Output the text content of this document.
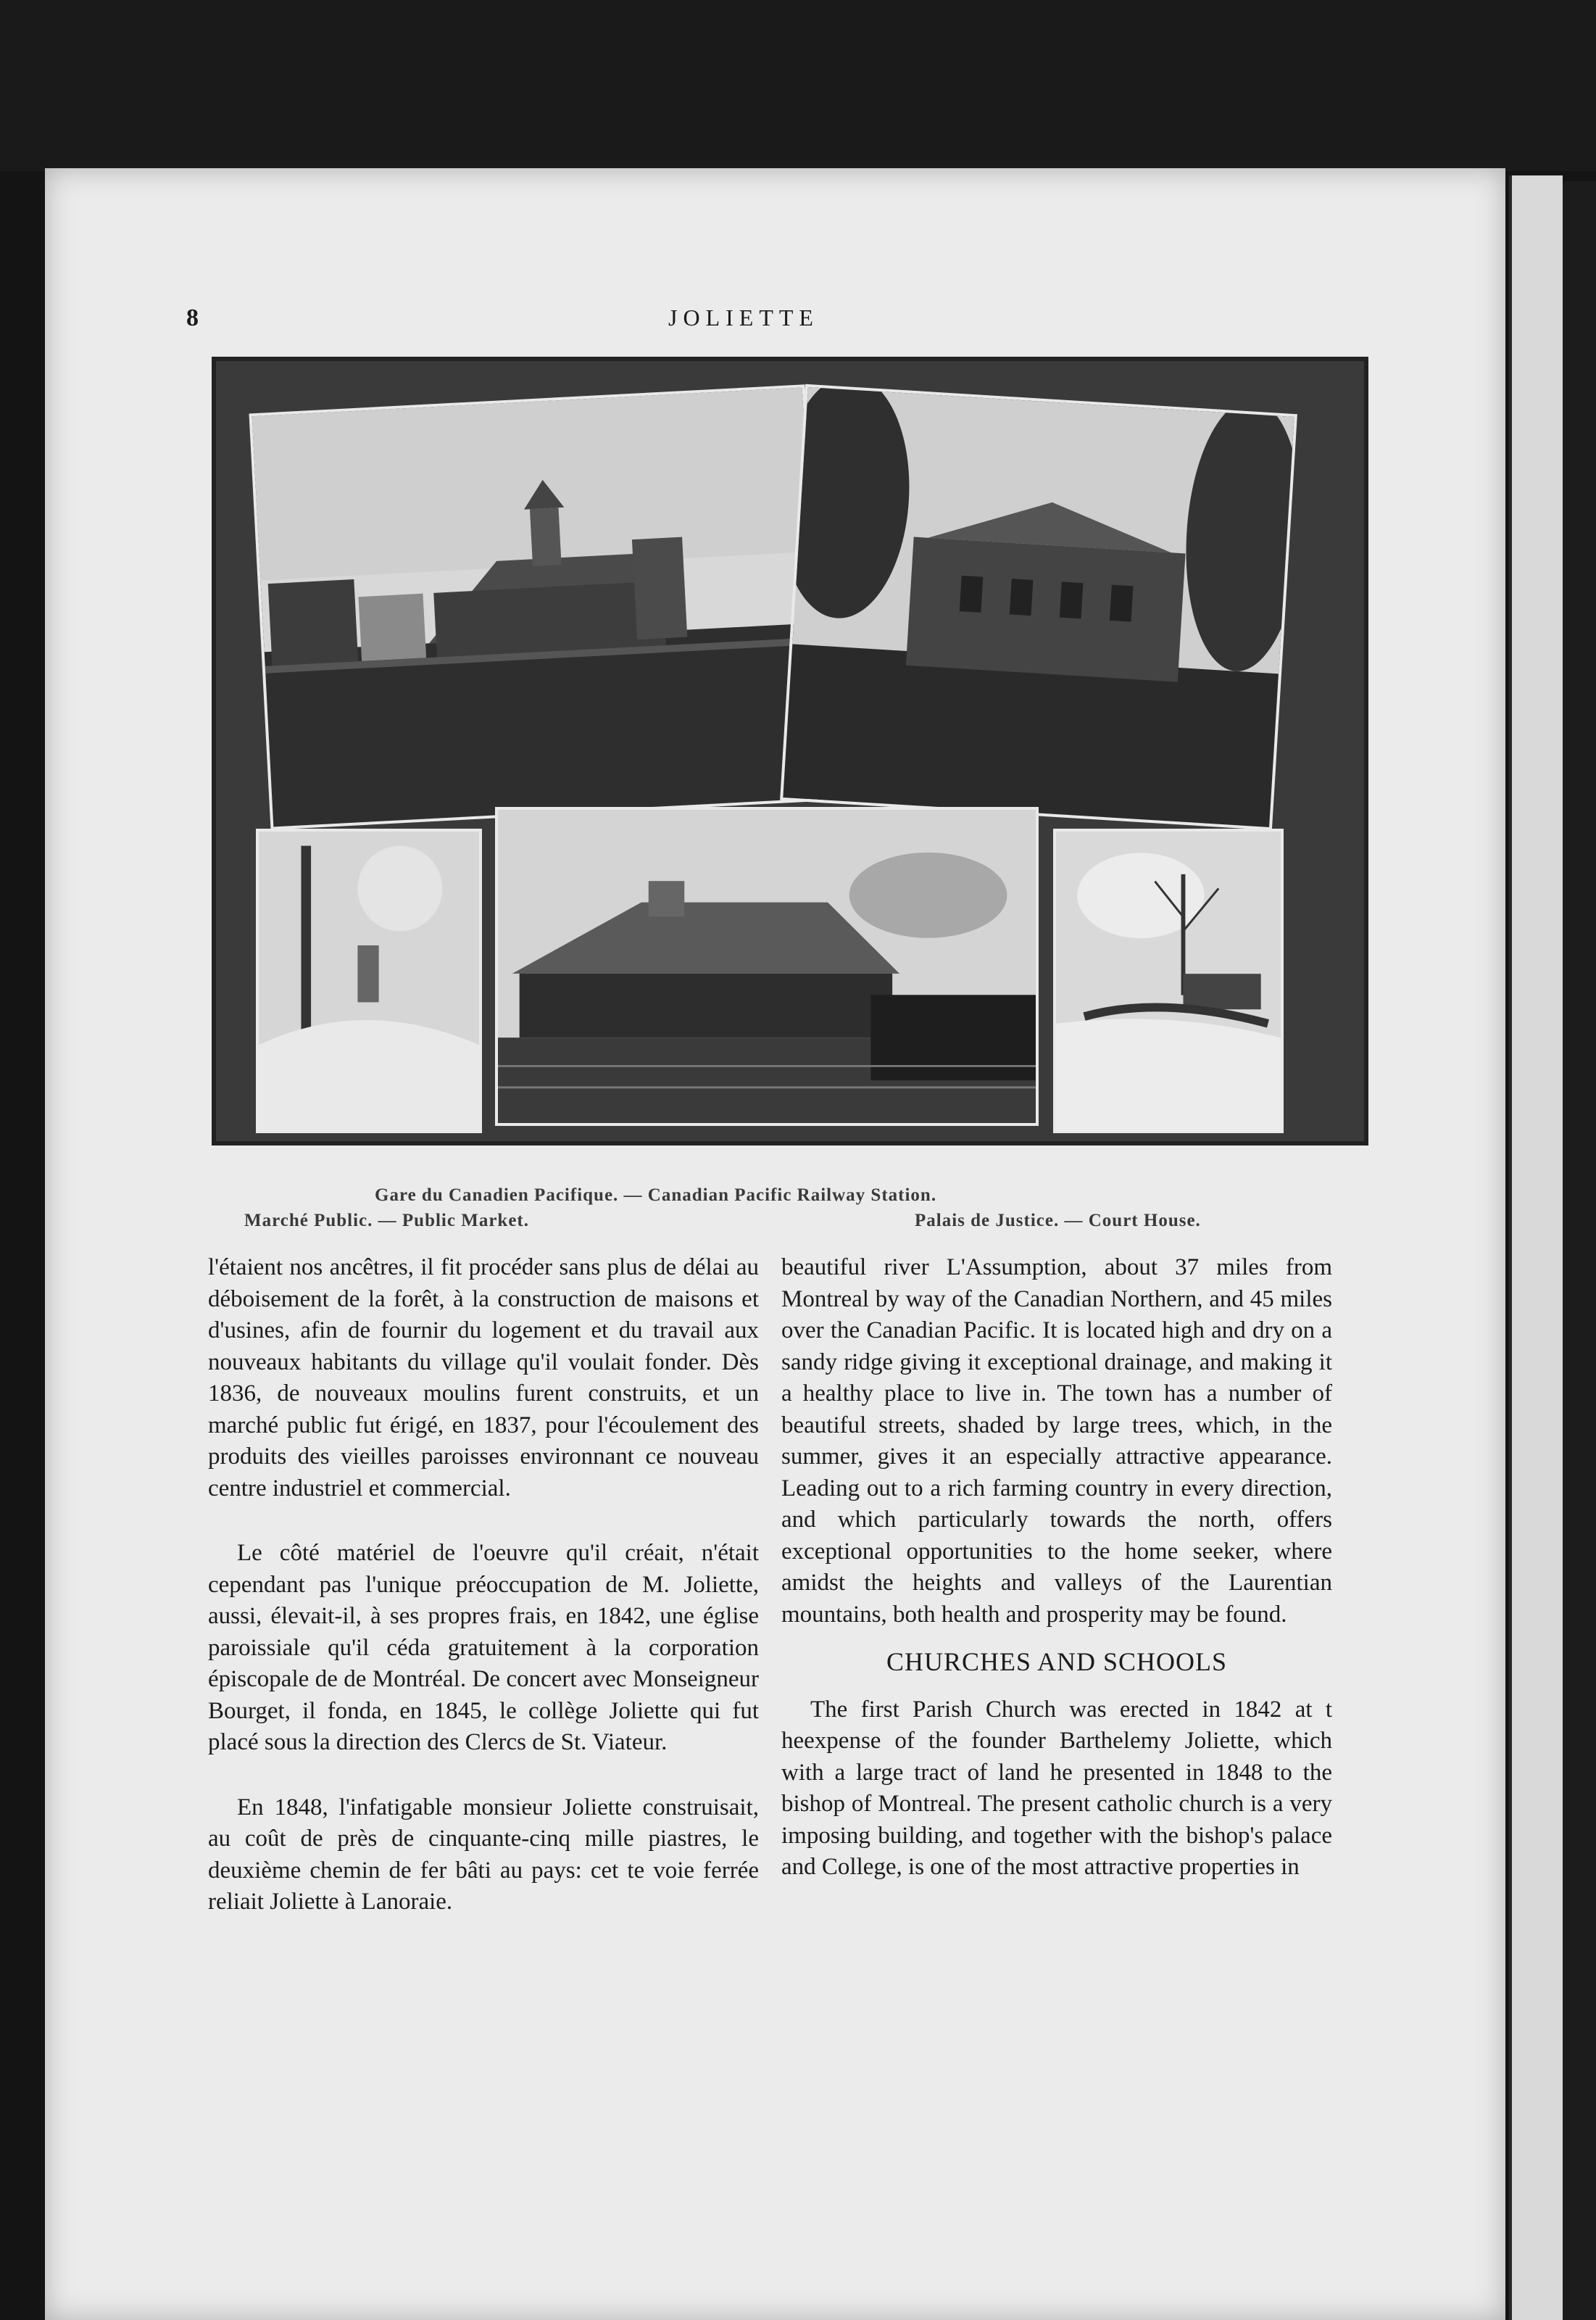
8	JOLIETTE
Gare du Canadien Pacifique. — Canadian Pacific Railway Station.
Marché Public. — Public Market.	Palais de Justice. — Court House.

l'étaient nos ancêtres, il fit procéder sans plus de délai au déboisement de la forêt, à la construction de maisons et d'usines, afin de fournir du logement et du travail aux nouveaux habitants du village qu'il voulait fonder. Dès 1836, de nouveaux moulins furent construits, et un marché public fut érigé, en 1837, pour l'écoulement des produits des vieilles paroisses environnant ce nouveau centre industriel et commercial.

Le côté matériel de l'oeuvre qu'il créait, n'était cependant pas l'unique préoccupation de M. Joliette, aussi, élevait-il, à ses propres frais, en 1842, une église paroissiale qu'il céda gratuitement à la corporation épiscopale de de Montréal. De concert avec Monseigneur Bourget, il fonda, en 1845, le collège Joliette qui fut placé sous la direction des Clercs de St. Viateur.

En 1848, l'infatigable monsieur Joliette construisait, au coût de près de cinquante-cinq mille piastres, le deuxième chemin de fer bâti au pays: cet te voie ferrée reliait Joliette à Lanoraie.

beautiful river L'Assumption, about 37 miles from Montreal by way of the Canadian Northern, and 45 miles over the Canadian Pacific. It is located high and dry on a sandy ridge giving it exceptional drainage, and making it a healthy place to live in. The town has a number of beautiful streets, shaded by large trees, which, in the summer, gives it an especially attractive appearance. Leading out to a rich farming country in every direction, and which particularly towards the north, offers exceptional opportunities to the home seeker, where amidst the heights and valleys of the Laurentian mountains, both health and prosperity may be found.

CHURCHES AND SCHOOLS

The first Parish Church was erected in 1842 at t heexpense of the founder Barthelemy Joliette, which with a large tract of land he presented in 1848 to the bishop of Montreal. The present catholic church is a very imposing building, and together with the bishop's palace and College, is one of the most attractive properties in
